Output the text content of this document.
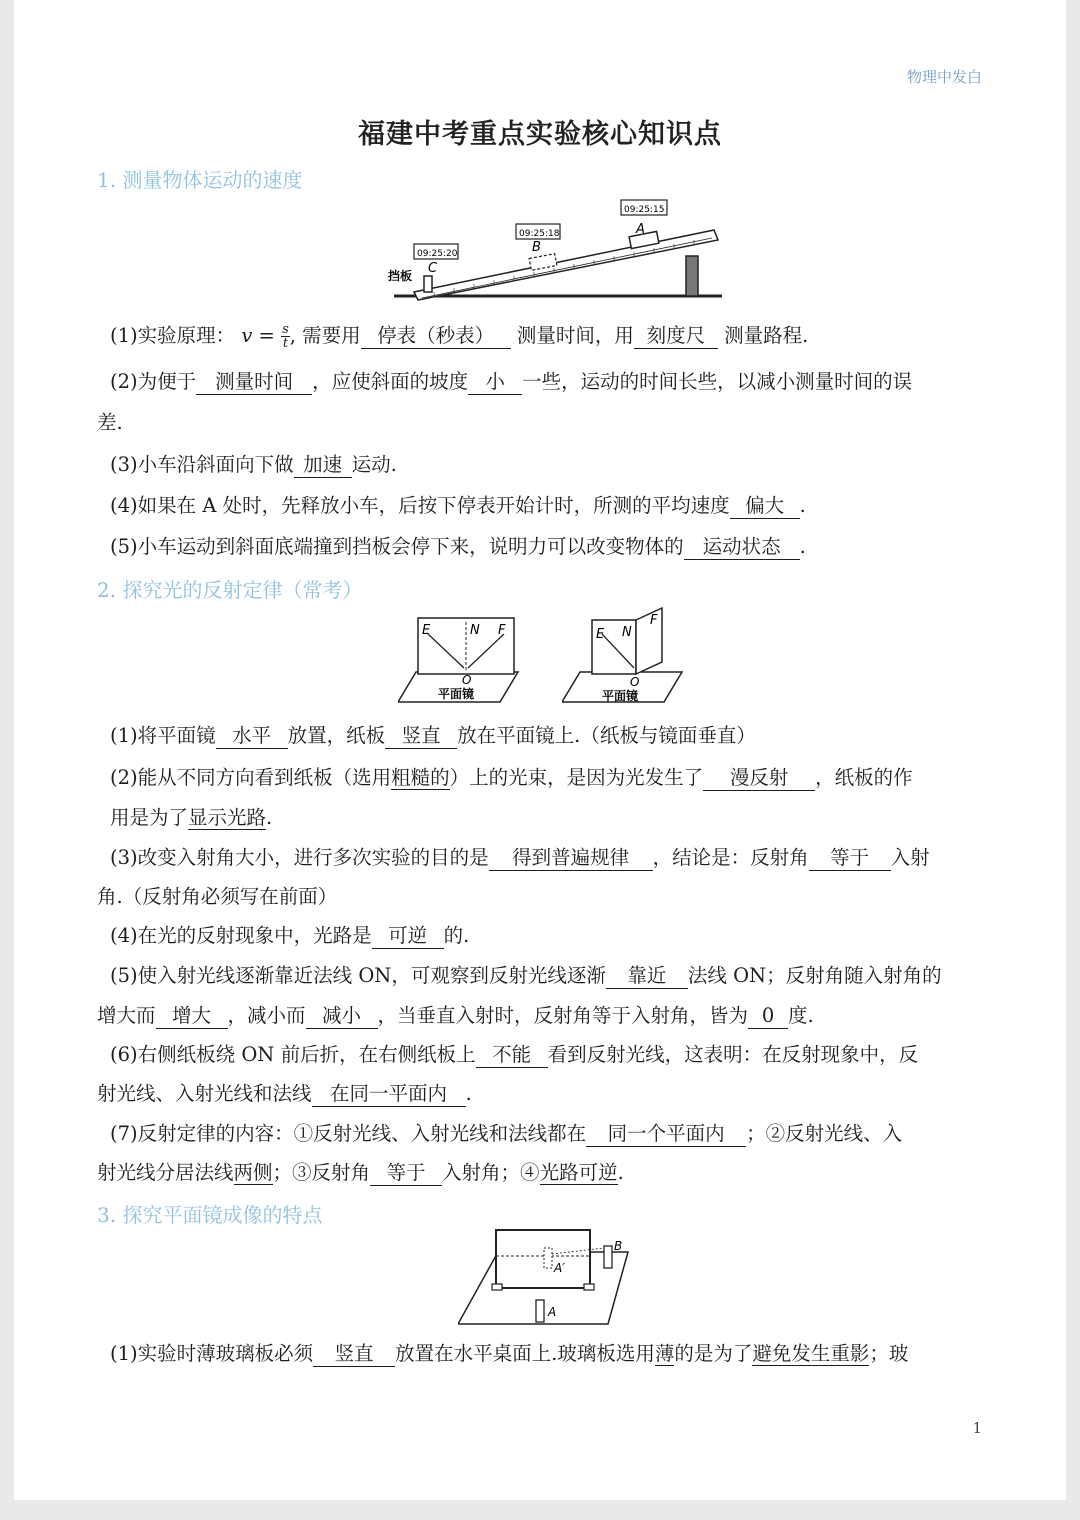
物理中发白
福建中考重点实验核心知识点
1. 测量物体运动的速度
挡板 C
09:25:20	B
09:25:18	A
09:25:15
(1)实验原理： $v = \frac{s}{t}$ , 需要用 停表（秒表） 测量时间，用 刻度尺 测量路程.
(2)为便于 测量时间 ，应使斜面的坡度 小 一些，运动的时间长些，以减小测量时间的误
差.
(3)小车沿斜面向下做 加速 运动.
(4)如果在 A 处时，先释放小车，后按下停表开始计时，所测的平均速度 偏大 .
(5)小车运动到斜面底端撞到挡板会停下来，说明力可以改变物体的 运动状态 .
2. 探究光的反射定律（常考）
E	N F
O
平面镜
E N
F
O
平面镜
(1)将平面镜 水平 放置，纸板 竖直 放在平面镜上.（纸板与镜面垂直）
(2)能从不同方向看到纸板（选用粗糙的）上的光束，是因为光发生了 漫反射 ，纸板的作
用是为了显示光路.
(3)改变入射角大小，进行多次实验的目的是 得到普遍规律 ，结论是：反射角 等于 入射
角.（反射角必须写在前面）
(4)在光的反射现象中，光路是 可逆 的.
(5)使入射光线逐渐靠近法线 ON，可观察到反射光线逐渐 靠近 法线 ON；反射角随入射角的
增大而 增大 ，减小而 减小 ，当垂直入射时，反射角等于入射角，皆为 0 度.
(6)右侧纸板绕 ON 前后折，在右侧纸板上 不能 看到反射光线，这表明：在反射现象中，反
射光线、入射光线和法线 在同一平面内 .
(7)反射定律的内容：①反射光线、入射光线和法线都在 同一个平面内 ；②反射光线、入
射光线分居法线两侧；③反射角 等于 入射角；④光路可逆.
3. 探究平面镜成像的特点
A′
B
A
(1)实验时薄玻璃板必须 竖直 放置在水平桌面上.玻璃板选用薄的是为了避免发生重影；玻
1
